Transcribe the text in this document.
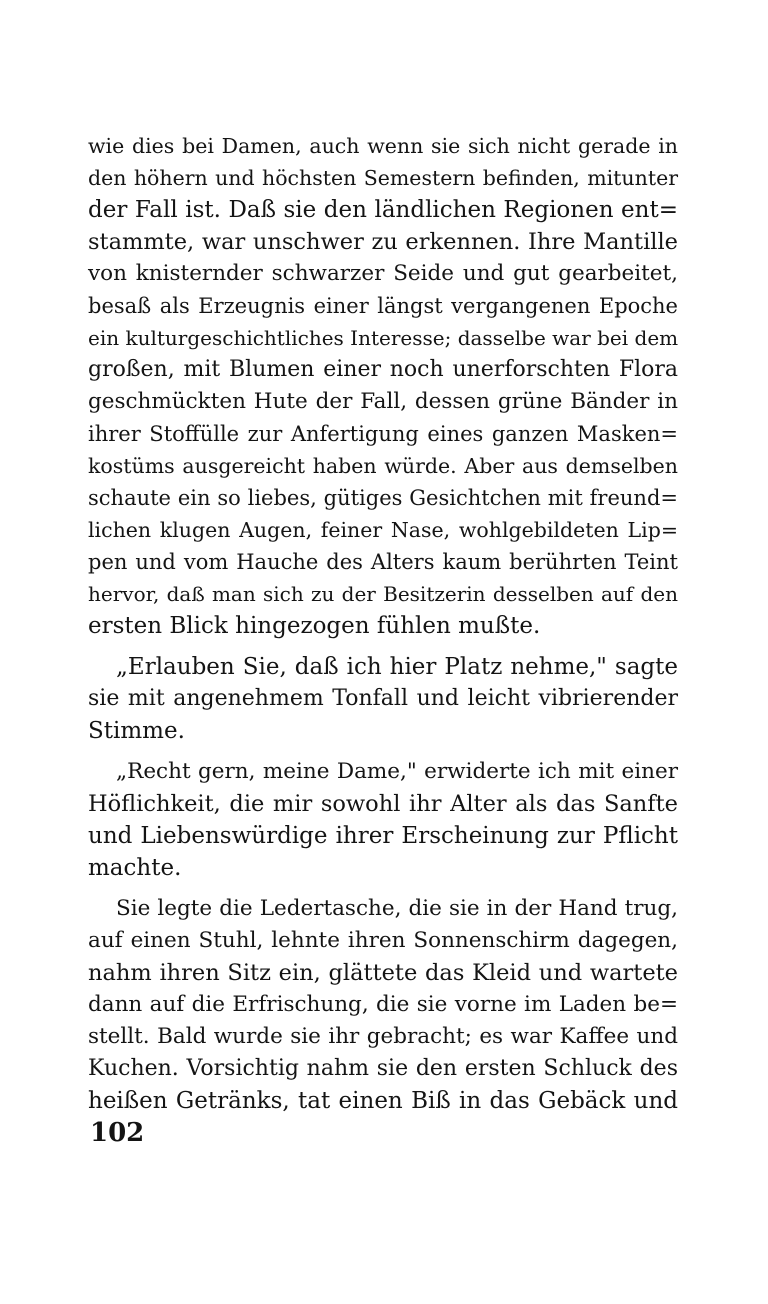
wie dies bei Damen, auch wenn sie sich nicht gerade in
den höhern und höchsten Semestern befinden, mitunter
der Fall ist. Daß sie den ländlichen Regionen ent=
stammte, war unschwer zu erkennen. Ihre Mantille
von knisternder schwarzer Seide und gut gearbeitet,
besaß als Erzeugnis einer längst vergangenen Epoche
ein kulturgeschichtliches Interesse; dasselbe war bei dem
großen, mit Blumen einer noch unerforschten Flora
geschmückten Hute der Fall, dessen grüne Bänder in
ihrer Stoffülle zur Anfertigung eines ganzen Masken=
kostüms ausgereicht haben würde. Aber aus demselben
schaute ein so liebes, gütiges Gesichtchen mit freund=
lichen klugen Augen, feiner Nase, wohlgebildeten Lip=
pen und vom Hauche des Alters kaum berührten Teint
hervor, daß man sich zu der Besitzerin desselben auf den
ersten Blick hingezogen fühlen mußte.
„Erlauben Sie, daß ich hier Platz nehme," sagte
sie mit angenehmem Tonfall und leicht vibrierender
Stimme.
„Recht gern, meine Dame," erwiderte ich mit einer
Höflichkeit, die mir sowohl ihr Alter als das Sanfte
und Liebenswürdige ihrer Erscheinung zur Pflicht
machte.
Sie legte die Ledertasche, die sie in der Hand trug,
auf einen Stuhl, lehnte ihren Sonnenschirm dagegen,
nahm ihren Sitz ein, glättete das Kleid und wartete
dann auf die Erfrischung, die sie vorne im Laden be=
stellt. Bald wurde sie ihr gebracht; es war Kaffee und
Kuchen. Vorsichtig nahm sie den ersten Schluck des
heißen Getränks, tat einen Biß in das Gebäck und
102
